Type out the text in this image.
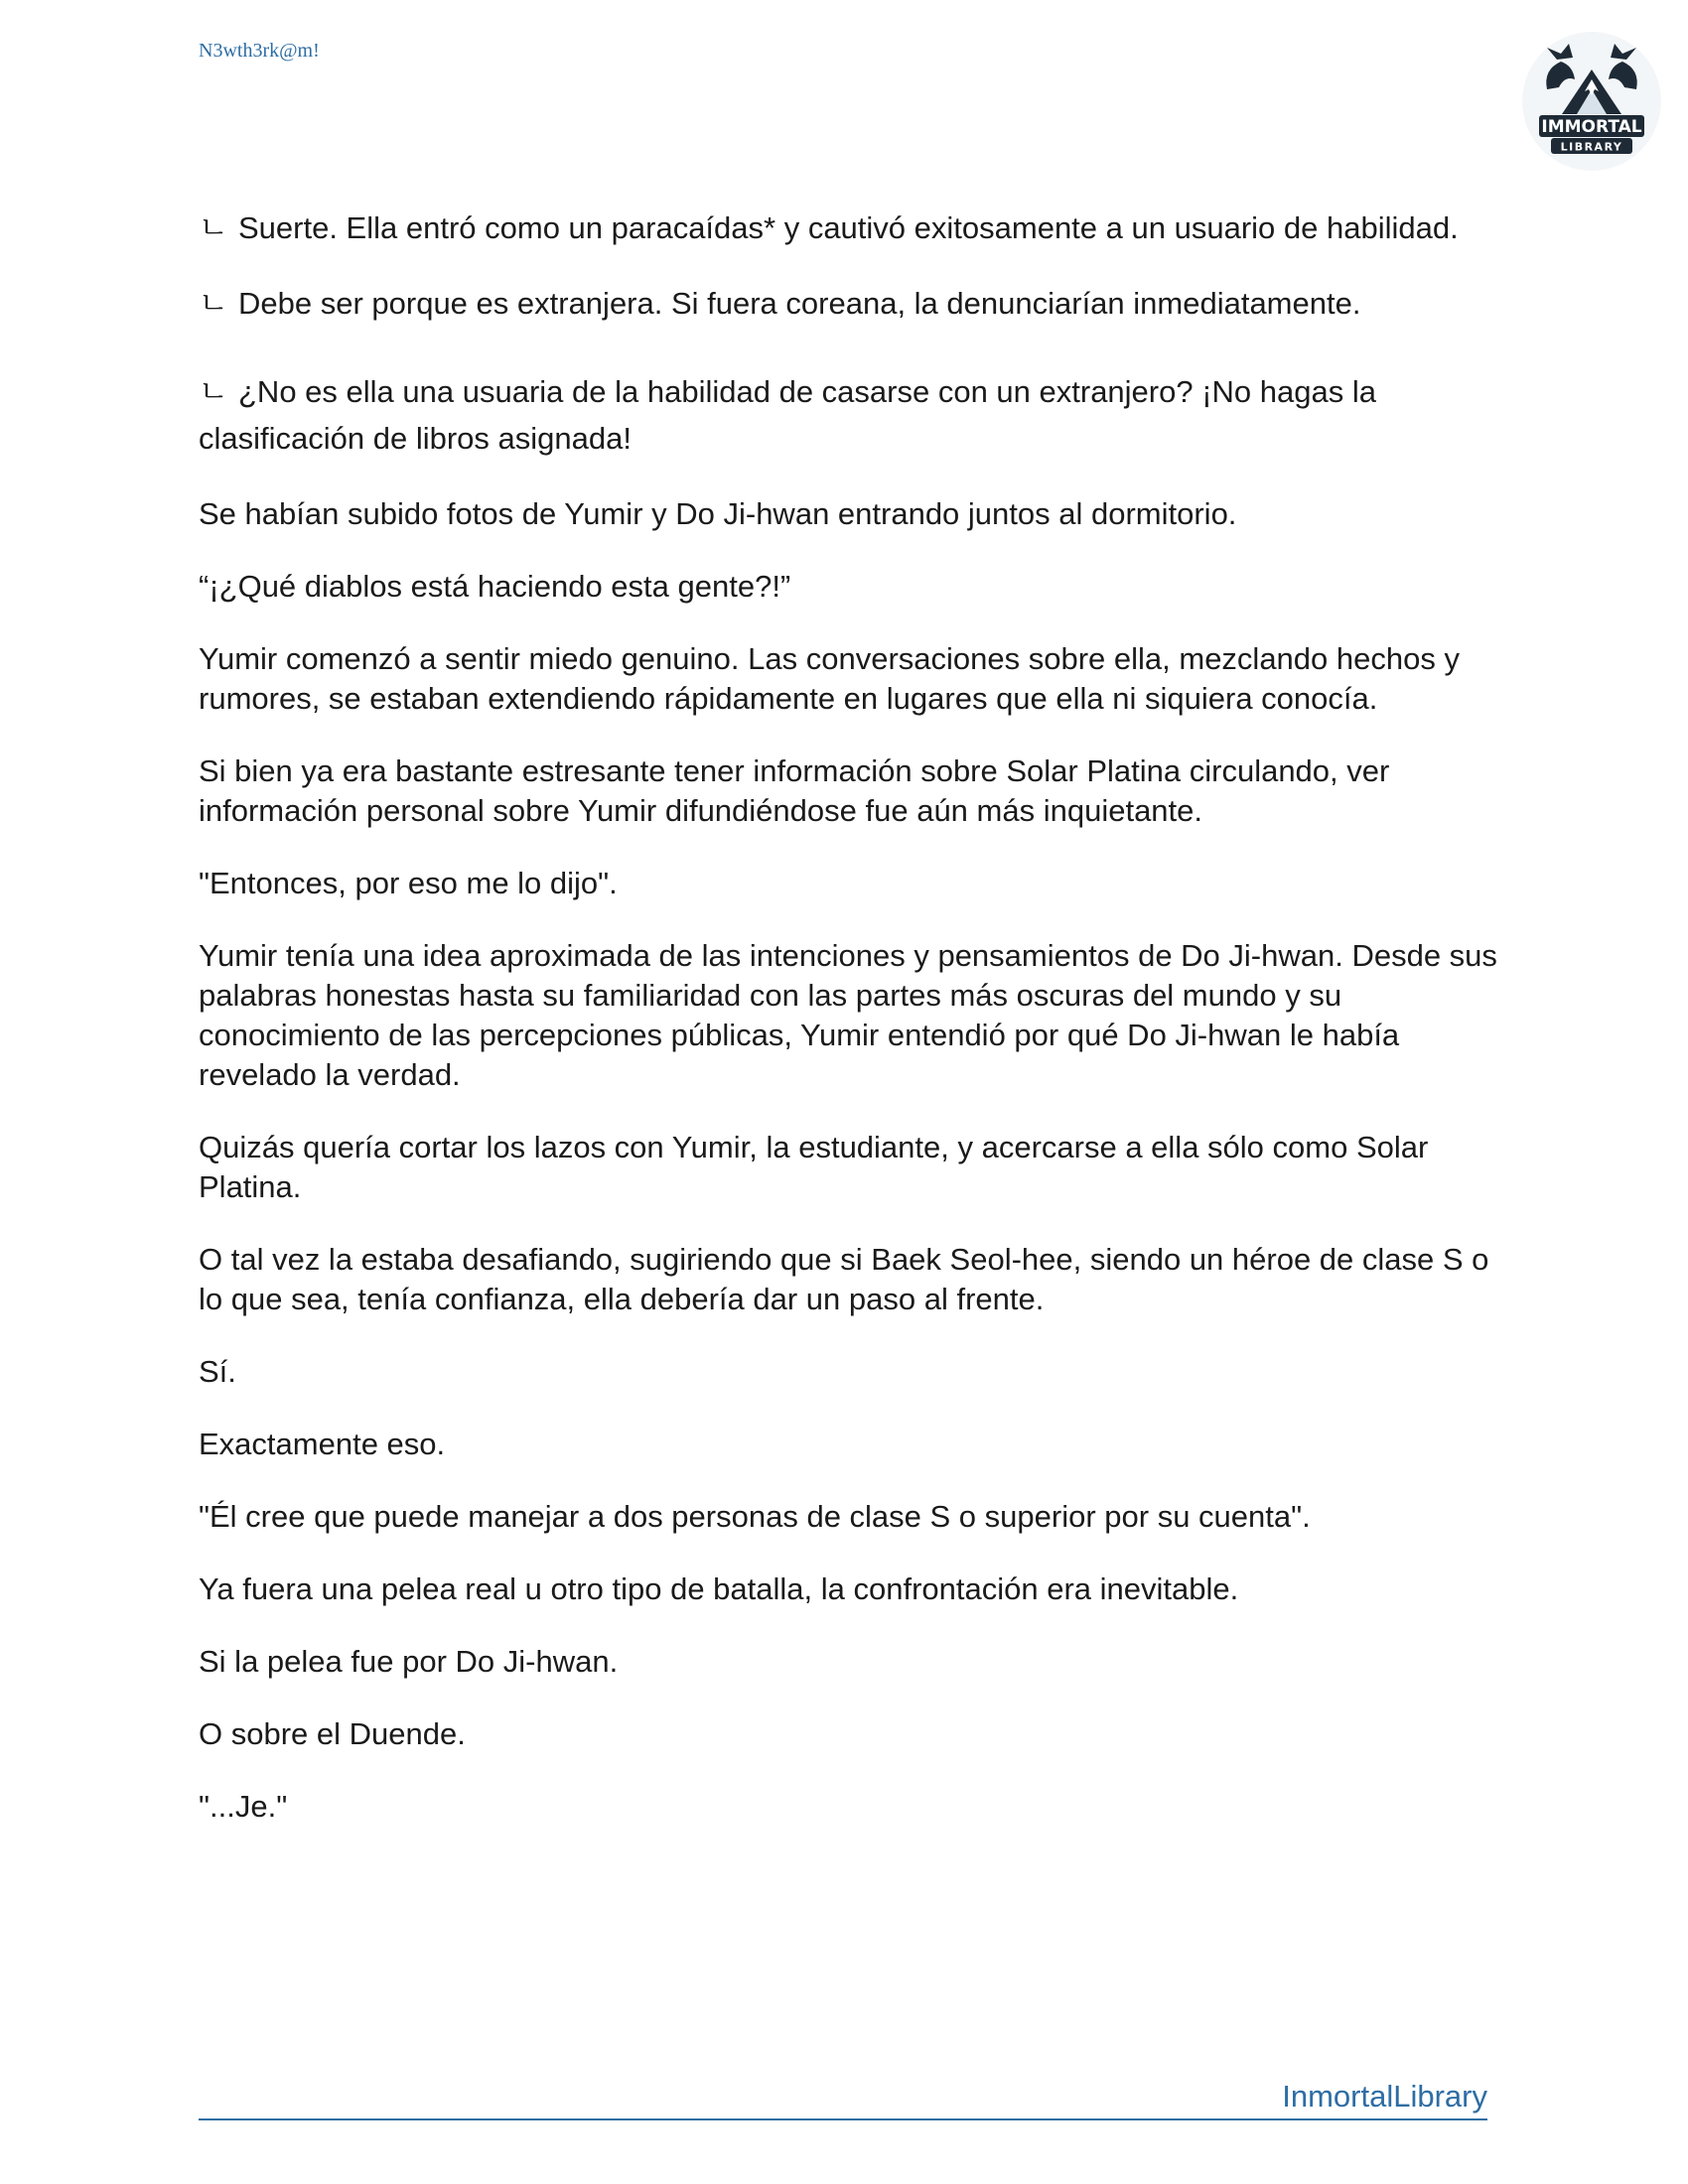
N3wth3rk@m!
IMMORTAL
LIBRARY

ㄴ Suerte. Ella entró como un paracaídas* y cautivó exitosamente a un usuario de habilidad.

ㄴ Debe ser porque es extranjera. Si fuera coreana, la denunciarían inmediatamente.

ㄴ ¿No es ella una usuaria de la habilidad de casarse con un extranjero? ¡No hagas la clasificación de libros asignada!

Se habían subido fotos de Yumir y Do Ji-hwan entrando juntos al dormitorio.

“¡¿Qué diablos está haciendo esta gente?!”

Yumir comenzó a sentir miedo genuino. Las conversaciones sobre ella, mezclando hechos y rumores, se estaban extendiendo rápidamente en lugares que ella ni siquiera conocía.

Si bien ya era bastante estresante tener información sobre Solar Platina circulando, ver información personal sobre Yumir difundiéndose fue aún más inquietante.

"Entonces, por eso me lo dijo".

Yumir tenía una idea aproximada de las intenciones y pensamientos de Do Ji-hwan. Desde sus palabras honestas hasta su familiaridad con las partes más oscuras del mundo y su conocimiento de las percepciones públicas, Yumir entendió por qué Do Ji-hwan le había revelado la verdad.

Quizás quería cortar los lazos con Yumir, la estudiante, y acercarse a ella sólo como Solar Platina.

O tal vez la estaba desafiando, sugiriendo que si Baek Seol-hee, siendo un héroe de clase S o lo que sea, tenía confianza, ella debería dar un paso al frente.

Sí.

Exactamente eso.

"Él cree que puede manejar a dos personas de clase S o superior por su cuenta".

Ya fuera una pelea real u otro tipo de batalla, la confrontación era inevitable.

Si la pelea fue por Do Ji-hwan.

O sobre el Duende.

"...Je."

InmortalLibrary
